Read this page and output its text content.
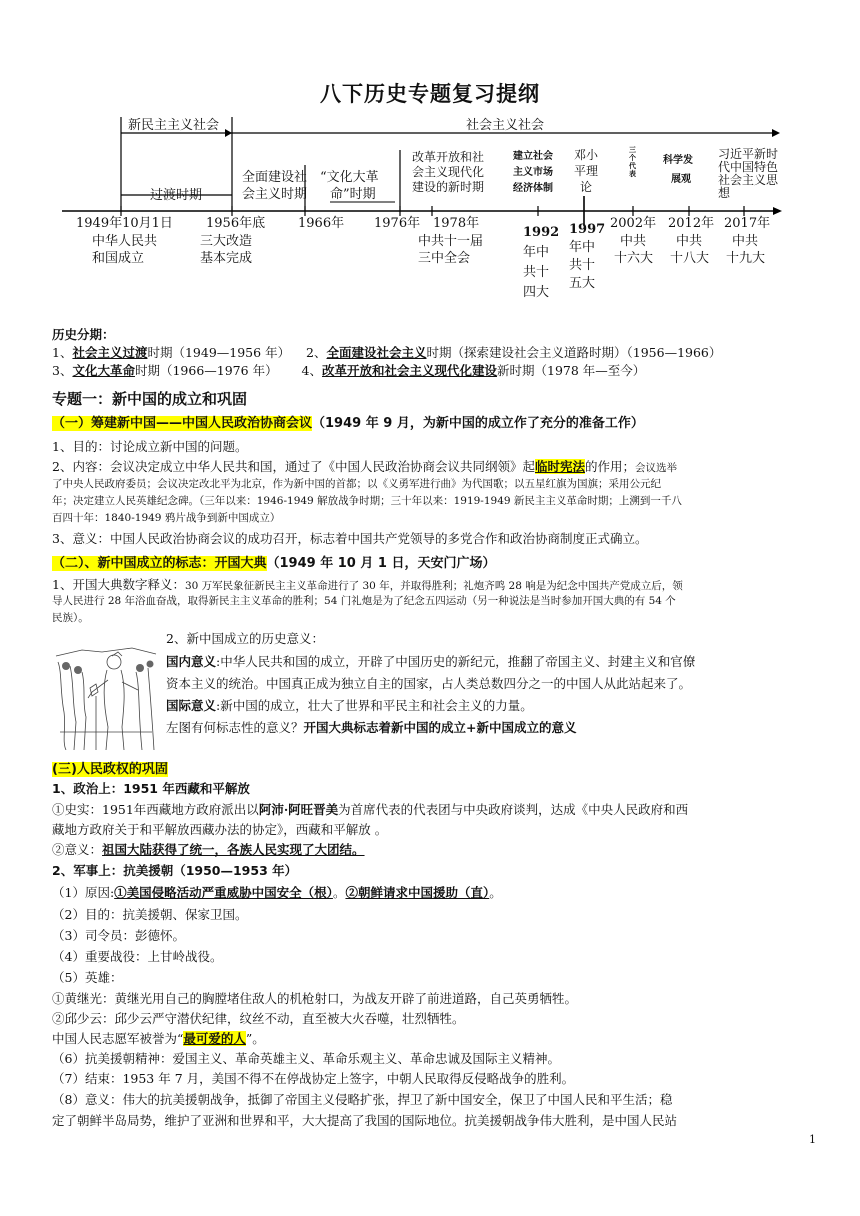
八下历史专题复习提纲
新民主主义社会	社会主义社会
过渡时期
全面建设社
会主义时期
“文化大革
命”时期
改革开放和社
会主义现代化
建设的新时期
建立社会
主义市场
经济体制
邓小
平理
论
三
个
代
表
科学发
展观
习近平新时
代中国特色
社会主义思
想
1949年10月1日
中华人民共
和国成立
1956年底
三大改造
基本完成
1966年 1976年 1978年
中共十一届
三中全会
1992
年中
共十
四大
1997
年中
共十
五大
2002年
中共
十六大
2012年
中共
十八大
2017年
中共
十九大
历史分期：
1、社会主义过渡时期（1949—1956 年） 2、全面建设社会主义时期（探索建设社会主义道路时期）（1956—1966）
3、文化大革命时期（1966—1976 年） 4、改革开放和社会主义现代化建设新时期（1978 年—至今）
专题一：新中国的成立和巩固
（一）筹建新中国——中国人民政治协商会议（1949 年 9 月，为新中国的成立作了充分的准备工作）
1、目的：讨论成立新中国的问题。
2、内容：会议决定成立中华人民共和国，通过了《中国人民政治协商会议共同纲领》起临时宪法的作用；会议选举
了中央人民政府委员；会议决定改北平为北京，作为新中国的首都；以《义勇军进行曲》为代国歌；以五星红旗为国旗；采用公元纪
年；决定建立人民英雄纪念碑。（三年以来：1946-1949 解放战争时期；三十年以来：1919-1949 新民主主义革命时期；上溯到一千八
百四十年：1840-1949 鸦片战争到新中国成立）
3、意义：中国人民政治协商会议的成功召开，标志着中国共产党领导的多党合作和政治协商制度正式确立。
（二）、新中国成立的标志：开国大典（1949 年 10 月 1 日，天安门广场）
1、开国大典数字释义：30 万军民象征新民主主义革命进行了 30 年，并取得胜利；礼炮齐鸣 28 响是为纪念中国共产党成立后，领
导人民进行 28 年浴血奋战，取得新民主主义革命的胜利；54 门礼炮是为了纪念五四运动（另一种说法是当时参加开国大典的有 54 个
民族）。
2、新中国成立的历史意义：
国内意义:中华人民共和国的成立，开辟了中国历史的新纪元，推翻了帝国主义、封建主义和官僚
资本主义的统治。中国真正成为独立自主的国家，占人类总数四分之一的中国人从此站起来了。
国际意义:新中国的成立，壮大了世界和平民主和社会主义的力量。
左图有何标志性的意义？开国大典标志着新中国的成立+新中国成立的意义
(三)人民政权的巩固
1、政治上：1951 年西藏和平解放
①史实：1951年西藏地方政府派出以阿沛·阿旺晋美为首席代表的代表团与中央政府谈判，达成《中央人民政府和西
藏地方政府关于和平解放西藏办法的协定》，西藏和平解放 。
②意义：祖国大陆获得了统一，各族人民实现了大团结。
2、军事上：抗美援朝（1950—1953 年）
（1）原因:①美国侵略活动严重威胁中国安全（根）。②朝鲜请求中国援助（直）。
（2）目的：抗美援朝、保家卫国。
（3）司令员：彭德怀。
（4）重要战役：上甘岭战役。
（5）英雄：
①黄继光：黄继光用自己的胸膛堵住敌人的机枪射口，为战友开辟了前进道路，自己英勇牺牲。
②邱少云：邱少云严守潜伏纪律，纹丝不动，直至被大火吞噬，壮烈牺牲。
中国人民志愿军被誉为“最可爱的人”。
（6）抗美援朝精神：爱国主义、革命英雄主义、革命乐观主义、革命忠诚及国际主义精神。
（7）结束：1953 年 7 月，美国不得不在停战协定上签字，中朝人民取得反侵略战争的胜利。
（8）意义：伟大的抗美援朝战争，抵御了帝国主义侵略扩张，捍卫了新中国安全，保卫了中国人民和平生活；稳
定了朝鲜半岛局势，维护了亚洲和世界和平，大大提高了我国的国际地位。抗美援朝战争伟大胜利，是中国人民站
1
